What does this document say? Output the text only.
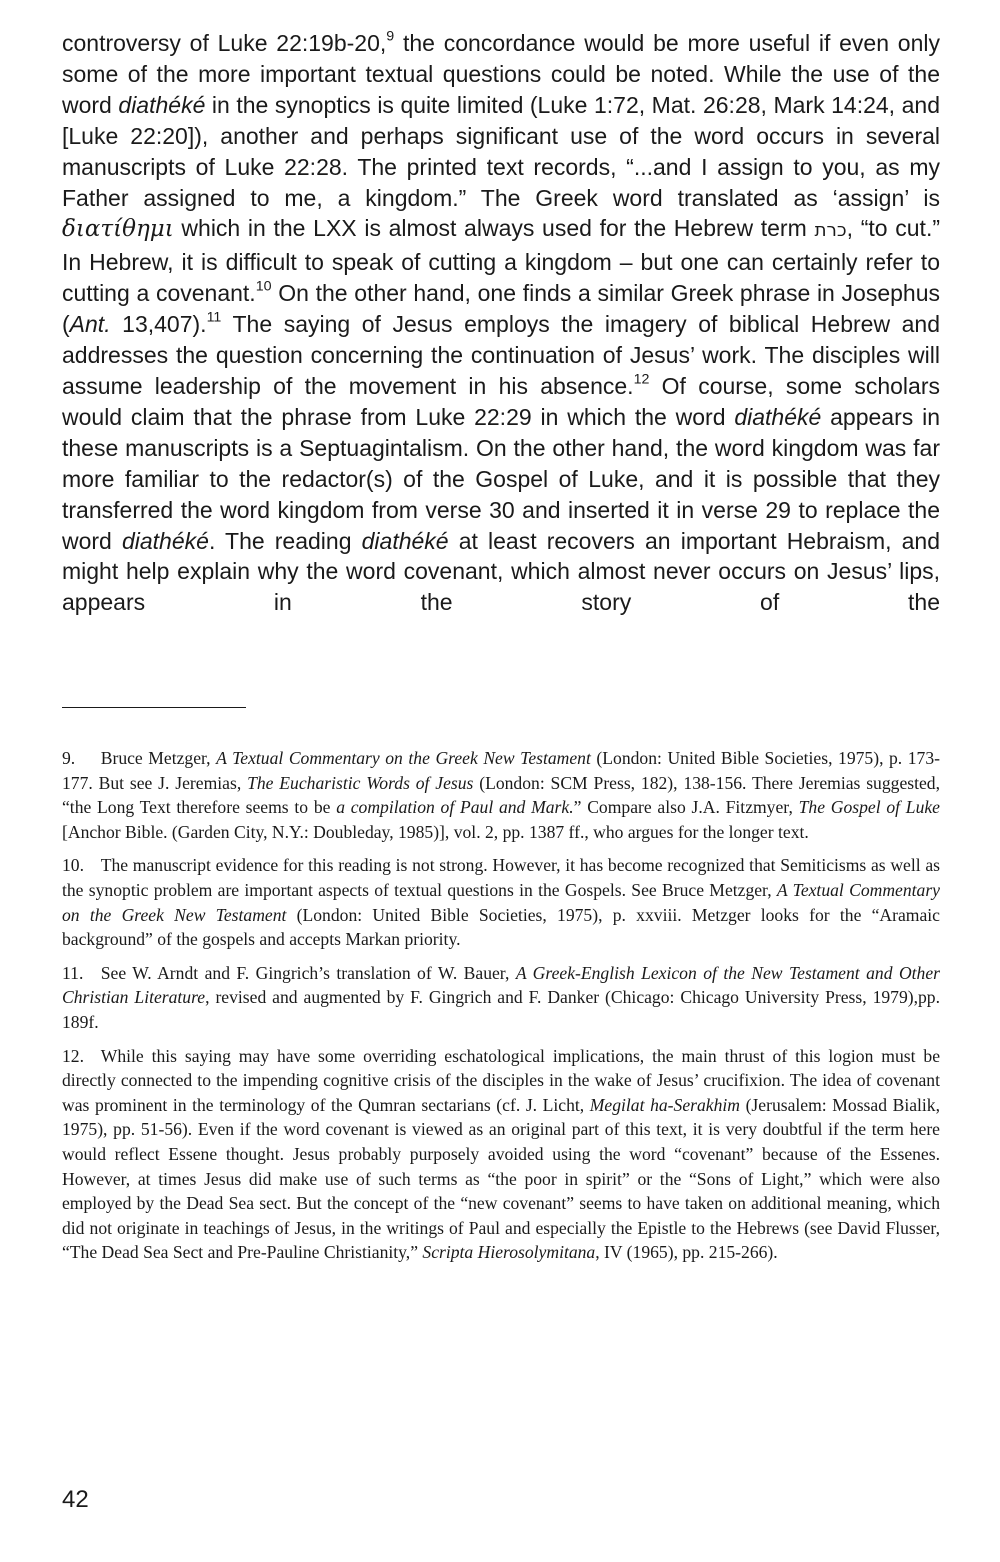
controversy of Luke 22:19b-20,$^9$ the concordance would be more useful if even only some of the more important textual questions could be noted. While the use of the word diathéké in the synoptics is quite limited (Luke 1:72, Mat. 26:28, Mark 14:24, and [Luke 22:20]), another and perhaps significant use of the word occurs in several manuscripts of Luke 22:28. The printed text records, “...and I assign to you, as my Father assigned to me, a kingdom.” The Greek word translated as ‘assign’ is διατίθημι which in the LXX is almost always used for the Hebrew term כרת, “to cut.” In Hebrew, it is difficult to speak of cutting a kingdom – but one can certainly refer to cutting a covenant.$^{10}$ On the other hand, one finds a similar Greek phrase in Josephus (Ant. 13,407).$^{11}$ The saying of Jesus employs the imagery of biblical Hebrew and addresses the question concerning the continuation of Jesus’ work. The disciples will assume leadership of the movement in his absence.$^{12}$ Of course, some scholars would claim that the phrase from Luke 22:29 in which the word diathéké appears in these manuscripts is a Septuagintalism. On the other hand, the word kingdom was far more familiar to the redactor(s) of the Gospel of Luke, and it is possible that they transferred the word kingdom from verse 30 and inserted it in verse 29 to replace the word diathéké. The reading diathéké at least recovers an important Hebraism, and might help explain why the word covenant, which almost never occurs on Jesus’ lips, appears in the story of the

9. Bruce Metzger, A Textual Commentary on the Greek New Testament (London: United Bible Societies, 1975), p. 173-177. But see J. Jeremias, The Eucharistic Words of Jesus (London: SCM Press, 182), 138-156. There Jeremias suggested, “the Long Text therefore seems to be a compilation of Paul and Mark.” Compare also J.A. Fitzmyer, The Gospel of Luke [Anchor Bible. (Garden City, N.Y.: Doubleday, 1985)], vol. 2, pp. 1387 ff., who argues for the longer text.

10. The manuscript evidence for this reading is not strong. However, it has become recognized that Semiticisms as well as the synoptic problem are important aspects of textual questions in the Gospels. See Bruce Metzger, A Textual Commentary on the Greek New Testament (London: United Bible Societies, 1975), p. xxviii. Metzger looks for the “Aramaic background” of the gospels and accepts Markan priority.

11. See W. Arndt and F. Gingrich’s translation of W. Bauer, A Greek-English Lexicon of the New Testament and Other Christian Literature, revised and augmented by F. Gingrich and F. Danker (Chicago: Chicago University Press, 1979),pp. 189f.

12. While this saying may have some overriding eschatological implications, the main thrust of this logion must be directly connected to the impending cognitive crisis of the disciples in the wake of Jesus’ crucifixion. The idea of covenant was prominent in the terminology of the Qumran sectarians (cf. J. Licht, Megilat ha-Serakhim (Jerusalem: Mossad Bialik, 1975), pp. 51-56). Even if the word covenant is viewed as an original part of this text, it is very doubtful if the term here would reflect Essene thought. Jesus probably purposely avoided using the word “covenant” because of the Essenes. However, at times Jesus did make use of such terms as “the poor in spirit” or the “Sons of Light,” which were also employed by the Dead Sea sect. But the concept of the “new covenant” seems to have taken on additional meaning, which did not originate in teachings of Jesus, in the writings of Paul and especially the Epistle to the Hebrews (see David Flusser, “The Dead Sea Sect and Pre-Pauline Christianity,” Scripta Hierosolymitana, IV (1965), pp. 215-266).

42
